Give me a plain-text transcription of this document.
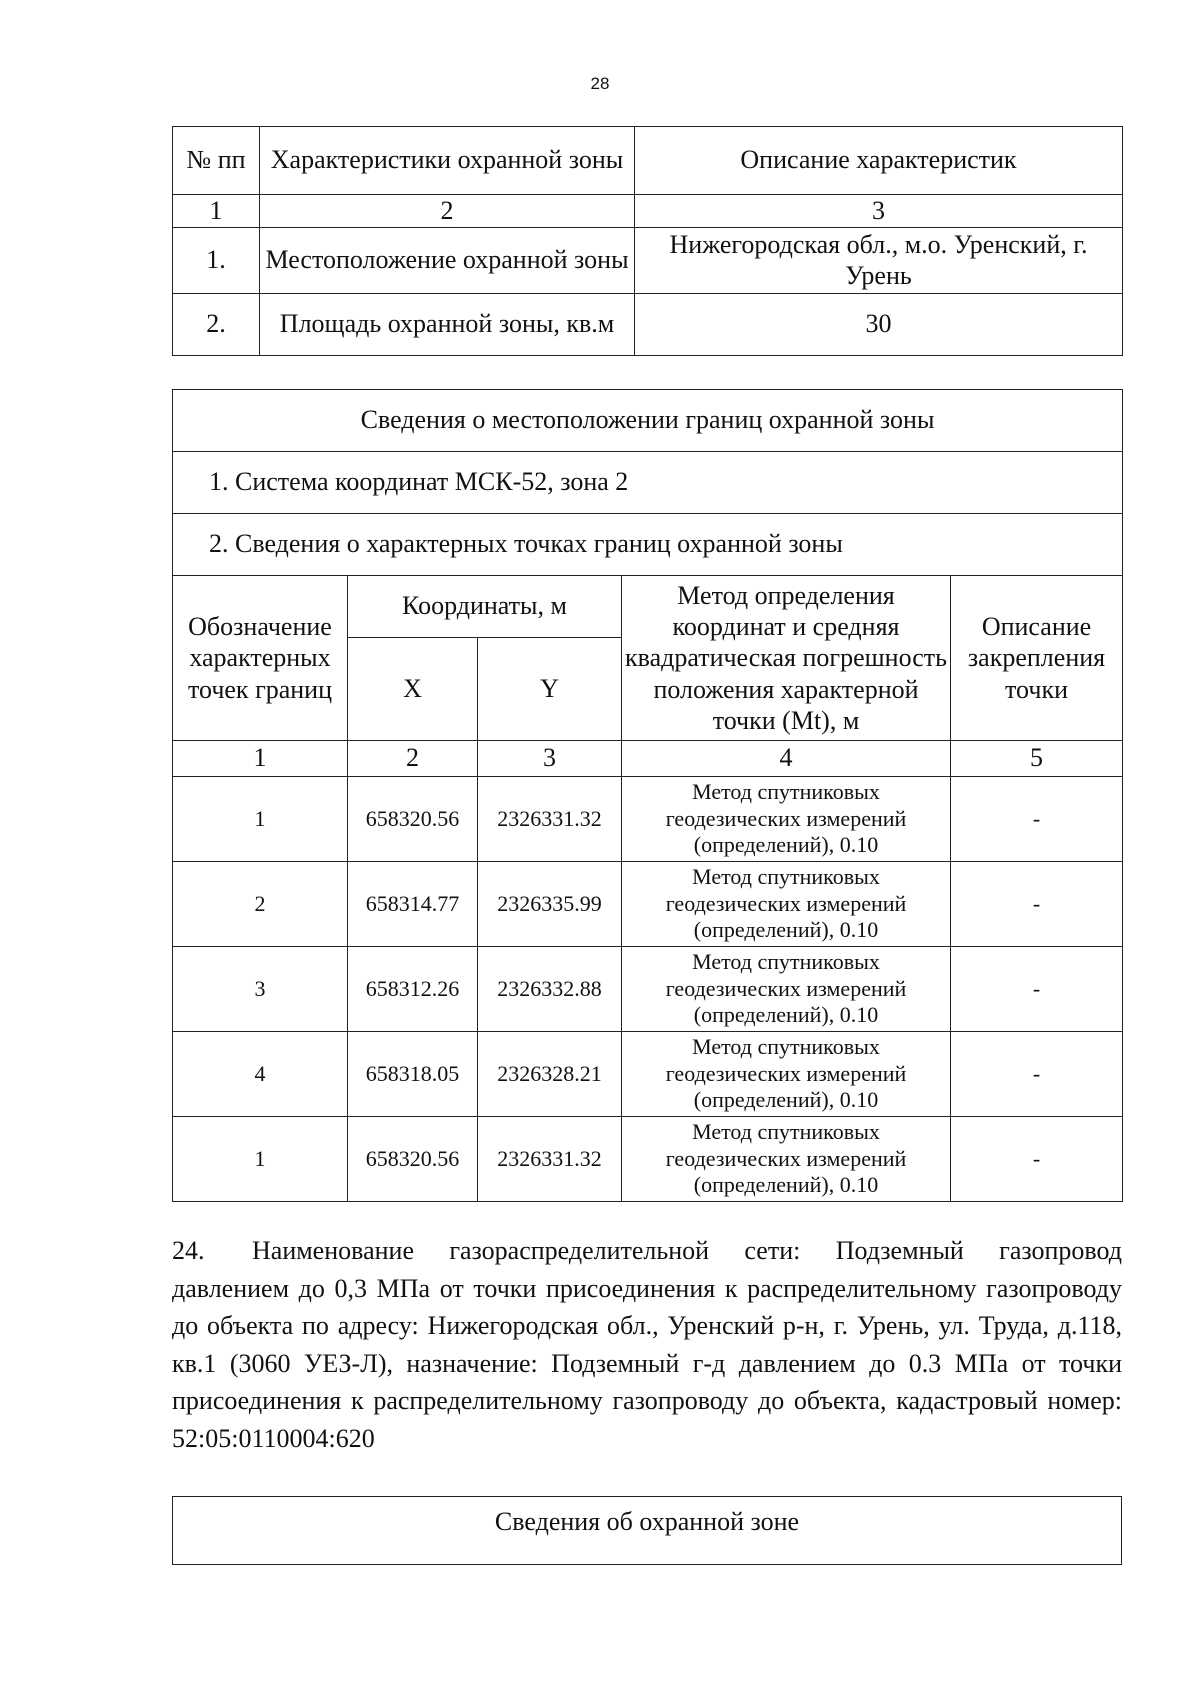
28
№ пп	Характеристики охранной зоны	Описание характеристик
1	2	3
1.	Местоположение охранной зоны	Нижегородская обл., м.о. Уренский, г. Урень
2.	Площадь охранной зоны, кв.м	30
Сведения о местоположении границ охранной зоны				
1. Система координат МСК-52, зона 2				
2. Сведения о характерных точках границ охранной зоны				
Обозначение характерных точек границ	Координаты, м		Метод определения координат и средняя квадратическая погрешность положения характерной точки (Mt), м	Описание закрепления точки
	X	Y		
1	2	3	4	5
1	658320.56	2326331.32	Метод спутниковых геодезических измерений (определений), 0.10	-
2	658314.77	2326335.99	Метод спутниковых геодезических измерений (определений), 0.10	-
3	658312.26	2326332.88	Метод спутниковых геодезических измерений (определений), 0.10	-
4	658318.05	2326328.21	Метод спутниковых геодезических измерений (определений), 0.10	-
1	658320.56	2326331.32	Метод спутниковых геодезических измерений (определений), 0.10	-
24. Наименование газораспределительной сети: Подземный газопровод давлением до 0,3 МПа от точки присоединения к распределительному газопроводу до объекта по адресу: Нижегородская обл., Уренский р-н, г. Урень, ул. Труда, д.118, кв.1 (3060 УЕЗ-Л), назначение: Подземный г-д давлением до 0.3 МПа от точки присоединения к распределительному газопроводу до объекта, кадастровый номер: 52:05:0110004:620
Сведения об охранной зоне
